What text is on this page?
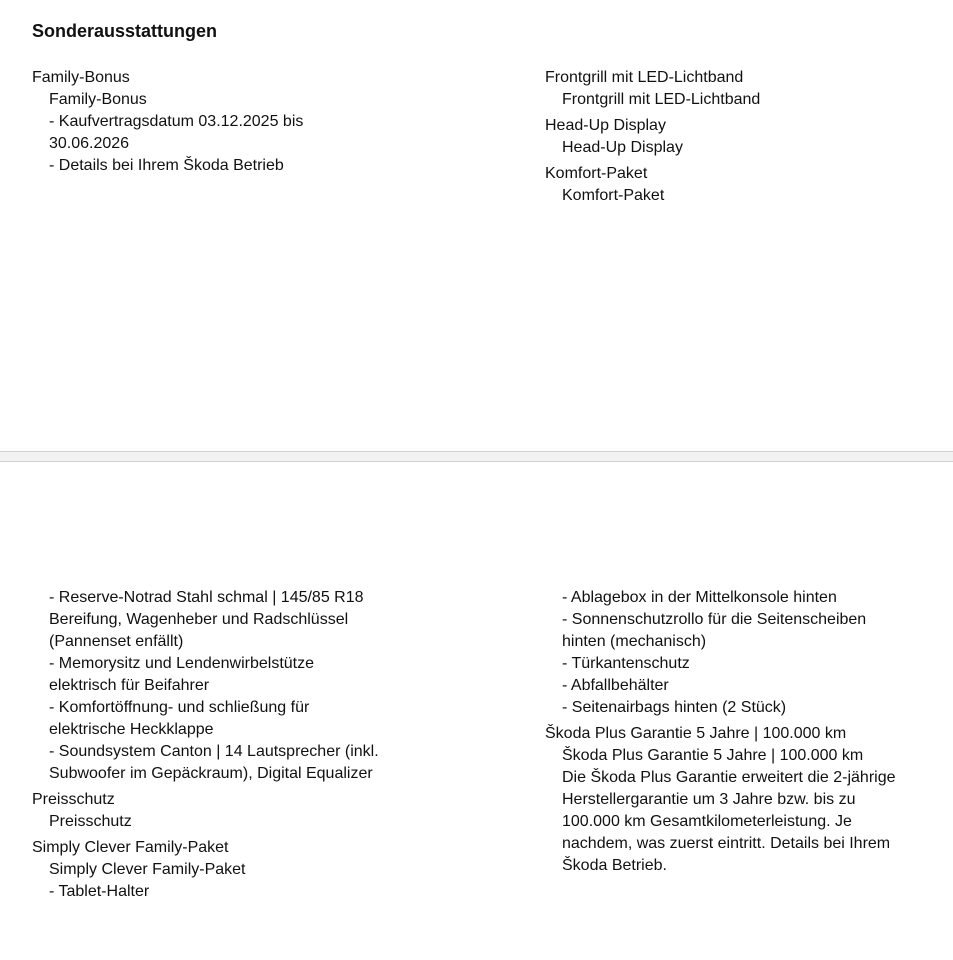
Sonderausstattungen
Family-Bonus
Family-Bonus
- Kaufvertragsdatum 03.12.2025 bis 30.06.2026
- Details bei Ihrem Škoda Betrieb
Frontgrill mit LED-Lichtband
Frontgrill mit LED-Lichtband
Head-Up Display
Head-Up Display
Komfort-Paket
Komfort-Paket
- Reserve-Notrad Stahl schmal | 145/85 R18 Bereifung, Wagenheber und Radschlüssel (Pannenset enfällt)
- Memorysitz und Lendenwirbelstütze elektrisch für Beifahrer
- Komfortöffnung- und schließung für elektrische Heckklappe
- Soundsystem Canton | 14 Lautsprecher (inkl. Subwoofer im Gepäckraum), Digital Equalizer
Preisschutz
Preisschutz
Simply Clever Family-Paket
Simply Clever Family-Paket
- Tablet-Halter
- Ablagebox in der Mittelkonsole hinten
- Sonnenschutzrollo für die Seitenscheiben hinten (mechanisch)
- Türkantenschutz
- Abfallbehälter
- Seitenairbags hinten (2 Stück)
Škoda Plus Garantie 5 Jahre | 100.000 km
Škoda Plus Garantie 5 Jahre | 100.000 km
Die Škoda Plus Garantie erweitert die 2-jährige Herstellergarantie um 3 Jahre bzw. bis zu 100.000 km Gesamtkilometerleistung. Je nachdem, was zuerst eintritt. Details bei Ihrem Škoda Betrieb.
